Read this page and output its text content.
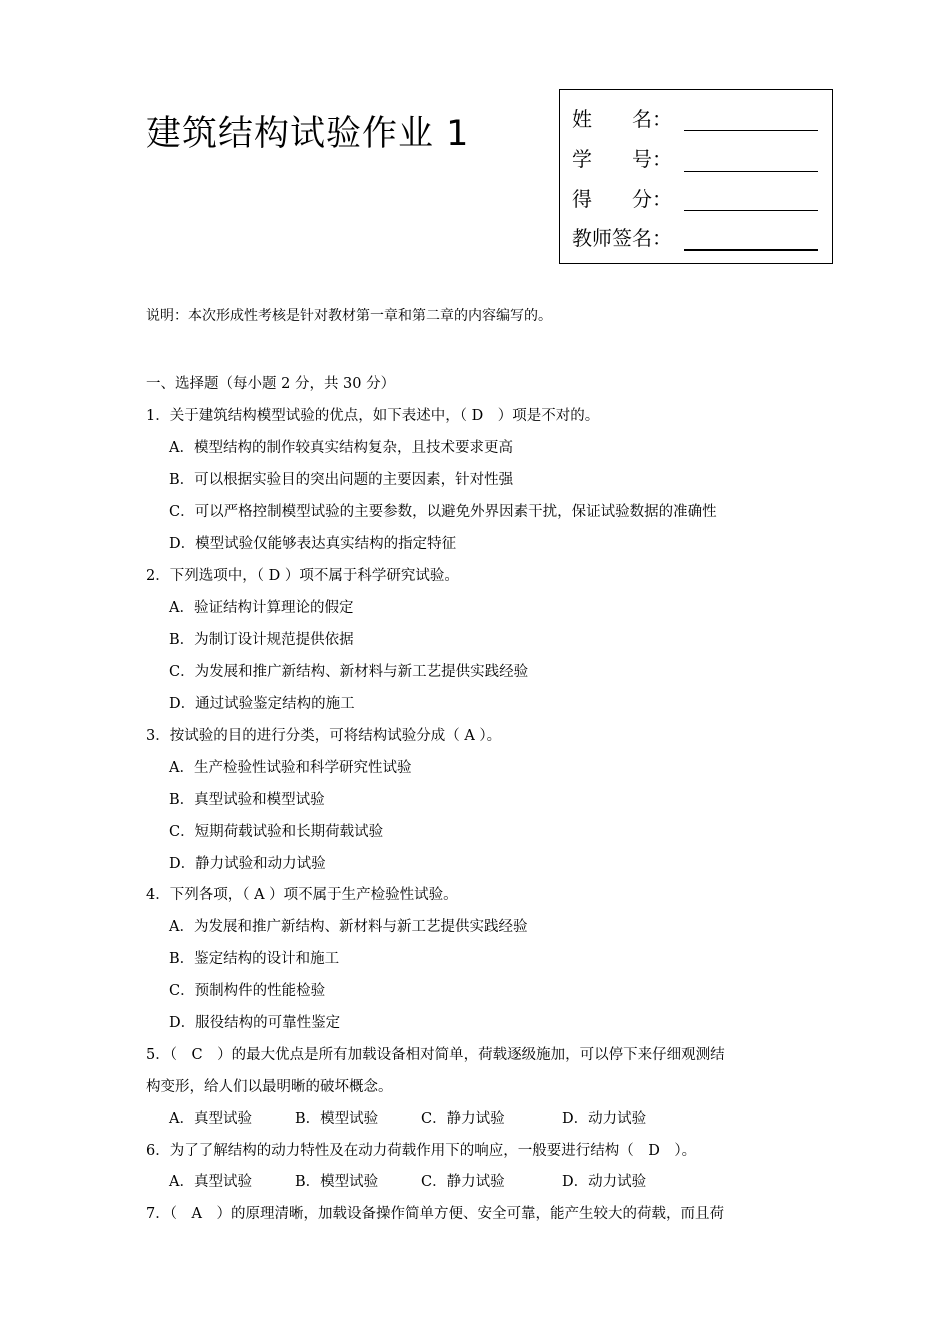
建筑结构试验作业 1	姓　　名：
学　　号：
得　　分：
教师签名：
说明：本次形成性考核是针对教材第一章和第二章的内容编写的。
一、选择题（每小题 2 分，共 30 分）
1．关于建筑结构模型试验的优点，如下表述中，（ D　）项是不对的。
A．模型结构的制作较真实结构复杂，且技术要求更高
B．可以根据实验目的突出问题的主要因素，针对性强
C．可以严格控制模型试验的主要参数，以避免外界因素干扰，保证试验数据的准确性
D．模型试验仅能够表达真实结构的指定特征
2．下列选项中，（ D ）项不属于科学研究试验。
A．验证结构计算理论的假定
B．为制订设计规范提供依据
C．为发展和推广新结构、新材料与新工艺提供实践经验
D．通过试验鉴定结构的施工
3．按试验的目的进行分类，可将结构试验分成（ A ）。
A．生产检验性试验和科学研究性试验
B．真型试验和模型试验
C．短期荷载试验和长期荷载试验
D．静力试验和动力试验
4．下列各项，（ A ）项不属于生产检验性试验。
A．为发展和推广新结构、新材料与新工艺提供实践经验
B．鉴定结构的设计和施工
C．预制构件的性能检验
D．服役结构的可靠性鉴定
5．（　C　）的最大优点是所有加载设备相对简单，荷载逐级施加，可以停下来仔细观测结
构变形，给人们以最明晰的破坏概念。
A．真型试验	B．模型试验	C．静力试验	D．动力试验
6．为了了解结构的动力特性及在动力荷载作用下的响应，一般要进行结构（　D　）。
A．真型试验	B．模型试验	C．静力试验	D．动力试验
7．（　A　）的原理清晰，加载设备操作简单方便、安全可靠，能产生较大的荷载，而且荷
